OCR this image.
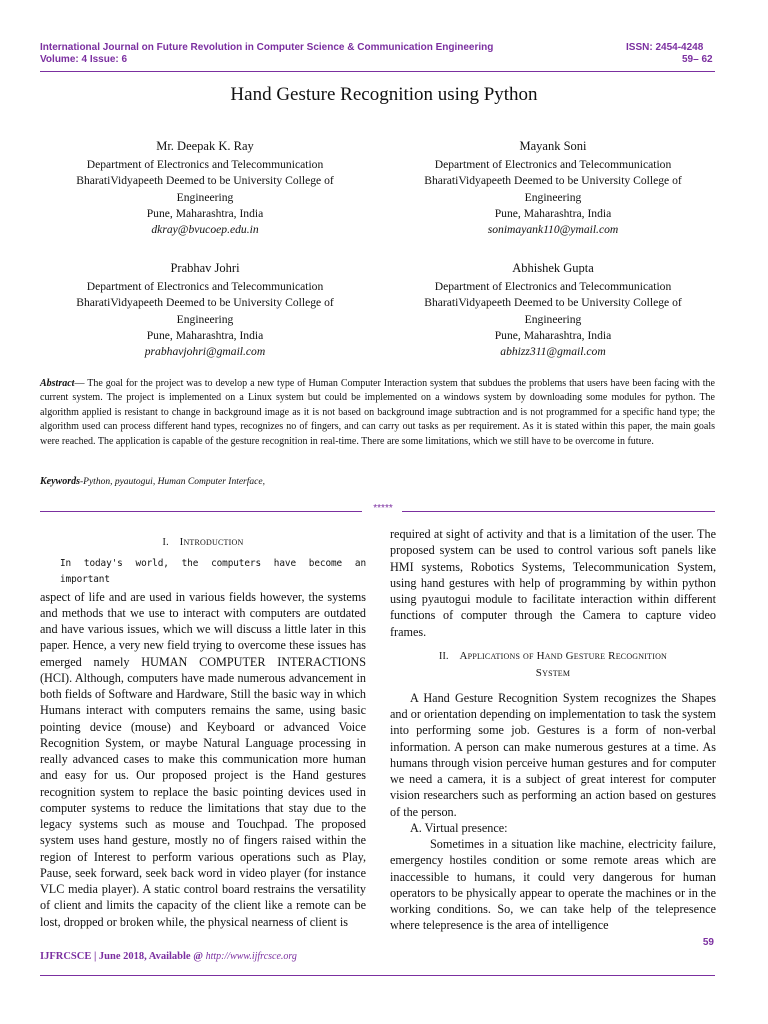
International Journal on Future Revolution in Computer Science & Communication Engineering	ISSN: 2454-4248
Volume: 4 Issue: 6	59– 62
Hand Gesture Recognition using Python
Mr. Deepak K. Ray
Department of Electronics and Telecommunication
BharatiVidyapeeth Deemed to be University College of
Engineering
Pune, Maharashtra, India
dkray@bvucoep.edu.in
Mayank Soni
Department of Electronics and Telecommunication
BharatiVidyapeeth Deemed to be University College of
Engineering
Pune, Maharashtra, India
sonimayank110@ymail.com
Prabhav Johri
Department of Electronics and Telecommunication
BharatiVidyapeeth Deemed to be University College of
Engineering
Pune, Maharashtra, India
prabhavjohri@gmail.com
Abhishek Gupta
Department of Electronics and Telecommunication
BharatiVidyapeeth Deemed to be University College of
Engineering
Pune, Maharashtra, India
abhizz311@gmail.com
Abstract— The goal for the project was to develop a new type of Human Computer Interaction system that subdues the problems that users have been facing with the current system. The project is implemented on a Linux system but could be implemented on a windows system by downloading some modules for python. The algorithm applied is resistant to change in background image as it is not based on background image subtraction and is not programmed for a specific hand type; the algorithm used can process different hand types, recognizes no of fingers, and can carry out tasks as per requirement. As it is stated within this paper, the main goals were reached. The application is capable of the gesture recognition in real-time. There are some limitations, which we still have to be overcome in future.
Keywords-Python, pyautogui, Human Computer Interface,
*****
I. Introduction
In today's world, the computers have become an important

aspect of life and are used in various fields however, the systems and methods that we use to interact with computers are outdated and have various issues, which we will discuss a little later in this paper. Hence, a very new field trying to overcome these issues has emerged namely HUMAN COMPUTER INTERACTIONS (HCI). Although, computers have made numerous advancement in both fields of Software and Hardware, Still the basic way in which Humans interact with computers remains the same, using basic pointing device (mouse) and Keyboard or advanced Voice Recognition System, or maybe Natural Language processing in really advanced cases to make this communication more human and easy for us. Our proposed project is the Hand gestures recognition system to replace the basic pointing devices used in computer systems to reduce the limitations that stay due to the legacy systems such as mouse and Touchpad. The proposed system uses hand gesture, mostly no of fingers raised within the region of Interest to perform various operations such as Play, Pause, seek forward, seek back word in video player (for instance VLC media player). A static control board restrains the versatility of client and limits the capacity of the client like a remote can be lost, dropped or broken while, the physical nearness of client is

required at sight of activity and that is a limitation of the user. The proposed system can be used to control various soft panels like HMI systems, Robotics Systems, Telecommunication System, using hand gestures with help of programming by within python using pyautogui module to facilitate interaction within different functions of computer through the Camera to capture video frames.

II. Applications of Hand Gesture Recognition
System

A Hand Gesture Recognition System recognizes the Shapes and or orientation depending on implementation to task the system into performing some job. Gestures is a form of non-verbal information. A person can make numerous gestures at a time. As humans through vision perceive human gestures and for computer we need a camera, it is a subject of great interest for computer vision researchers such as performing an action based on gestures of the person.

A. Virtual presence:

Sometimes in a situation like machine, electricity failure, emergency hostiles condition or some remote areas which are inaccessible to humans, it could very dangerous for human operators to be physically appear to operate the machines or in the working conditions. So, we can take help of the telepresence where telepresence is the area of intelligence

59
IJFRCSCE | June 2018, Available @ http://www.ijfrcsce.org
